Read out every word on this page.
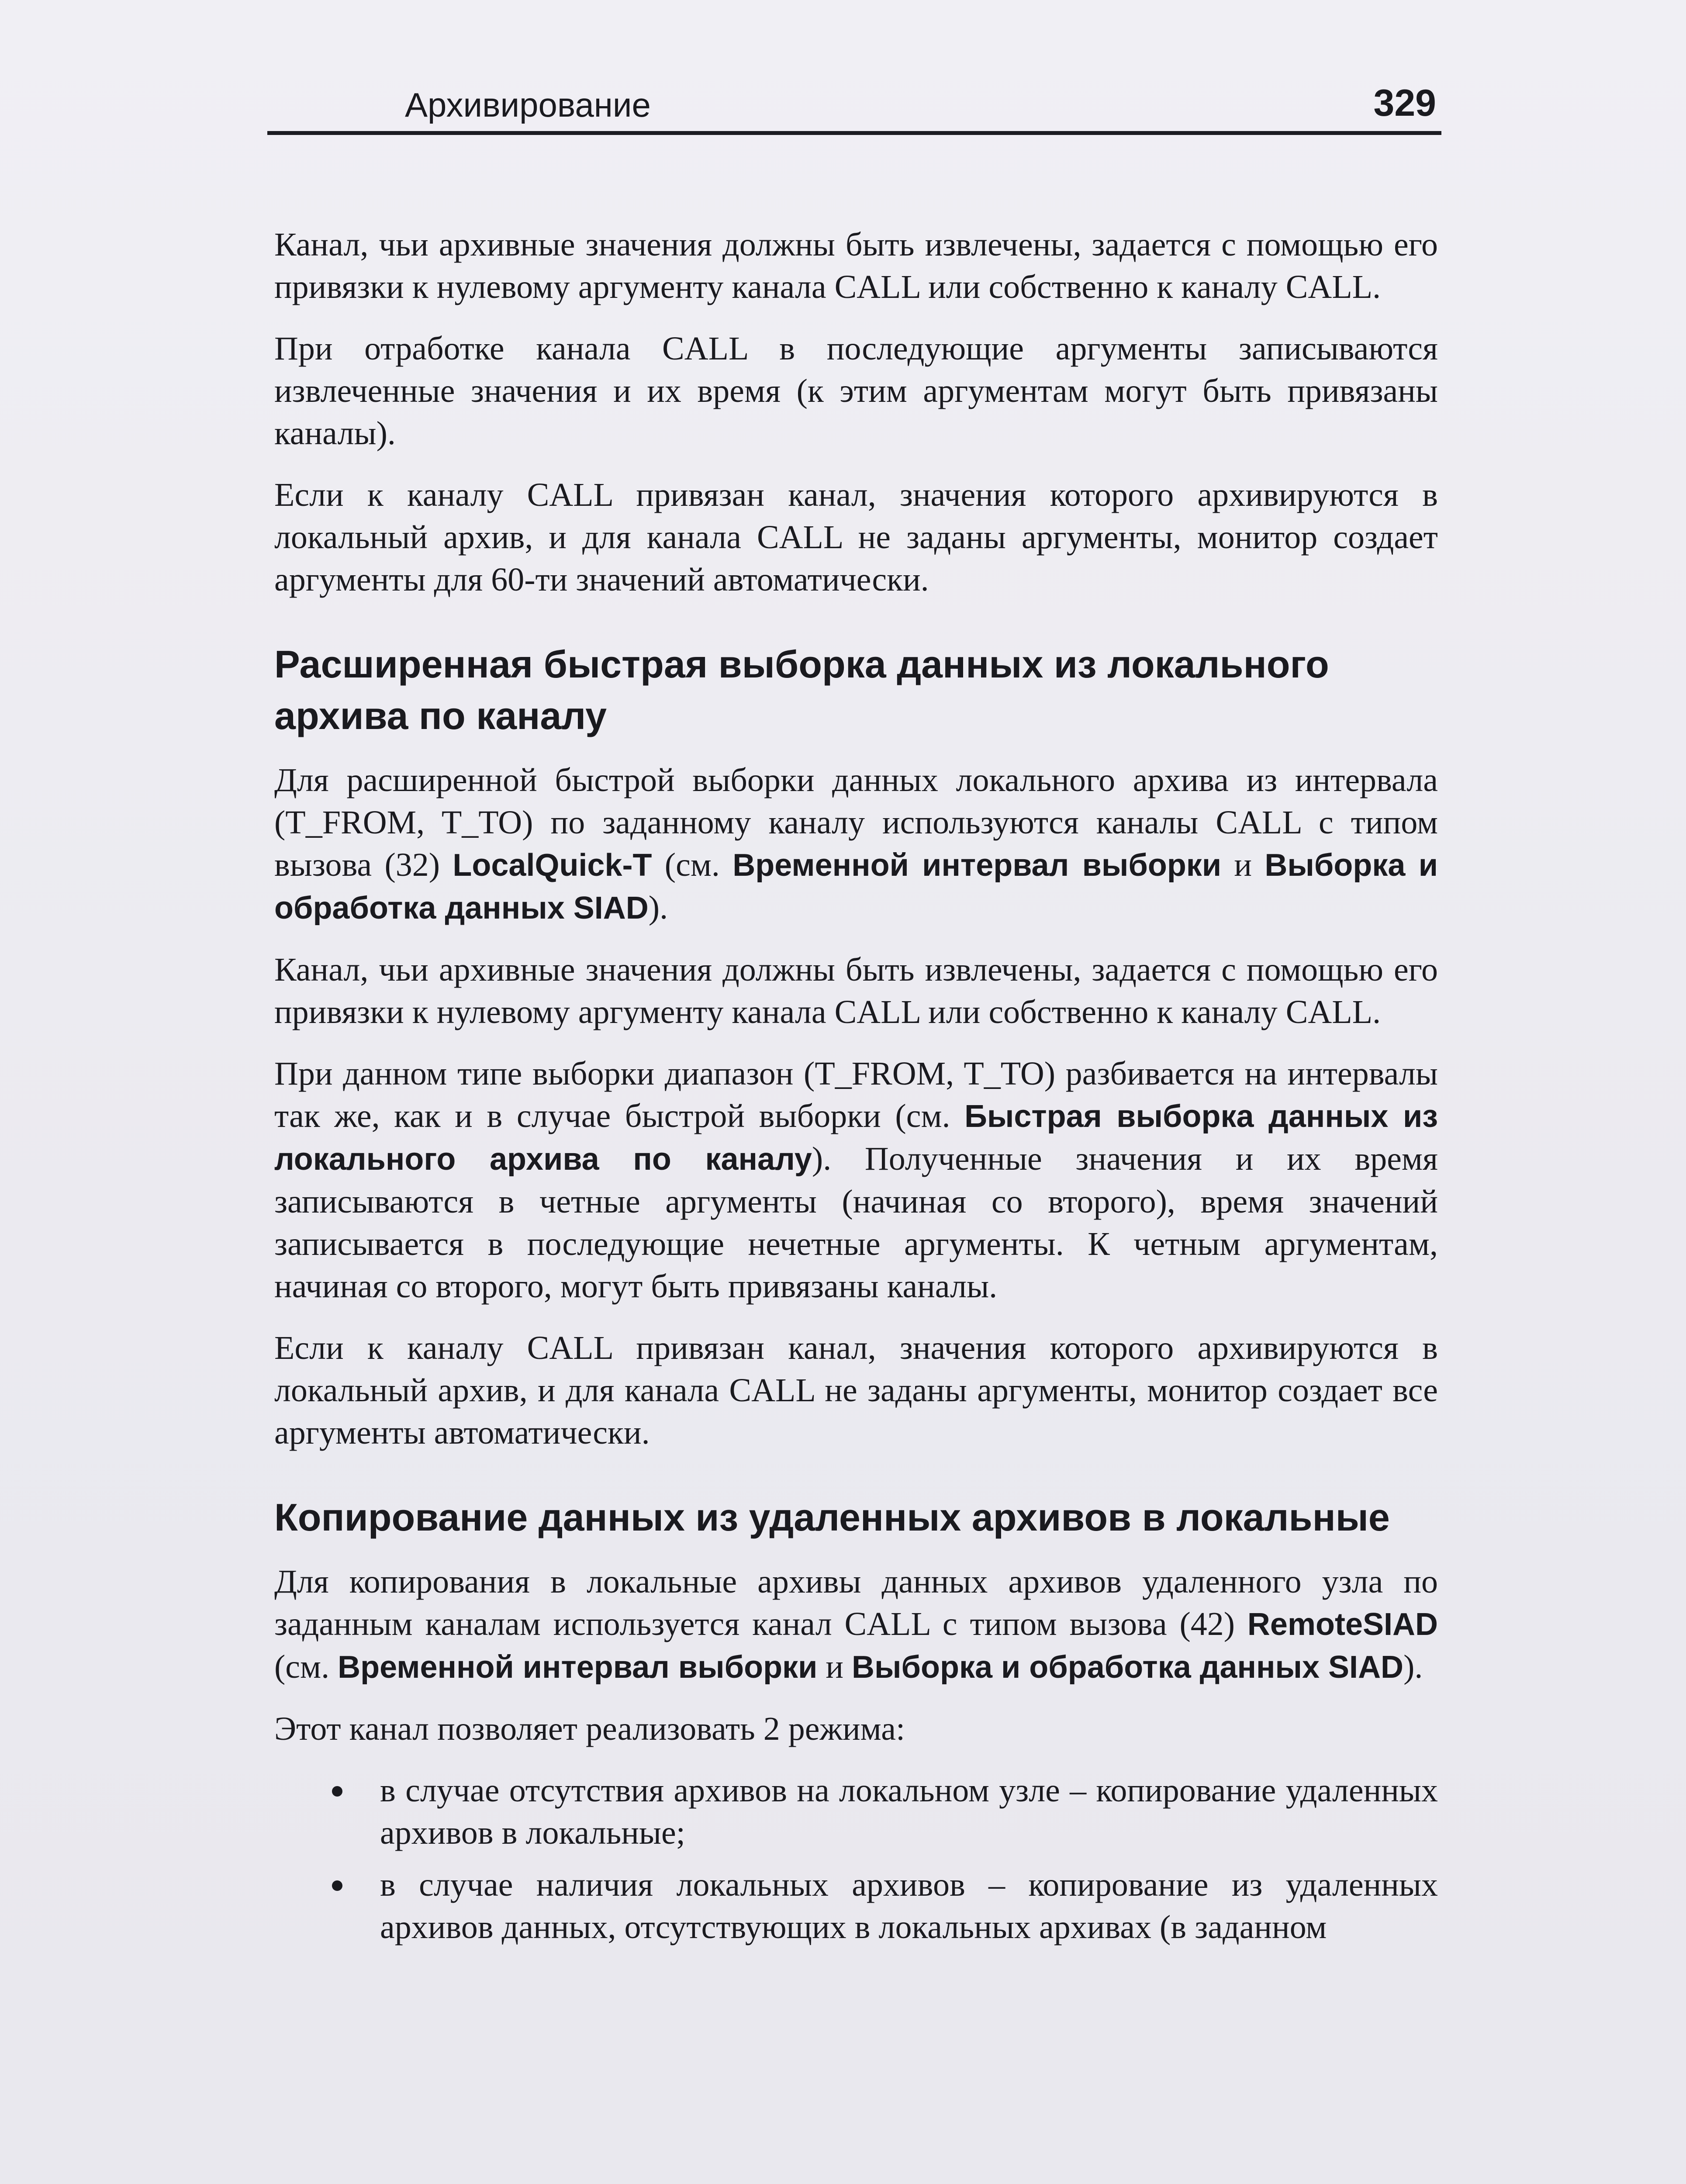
Архивирование	329

Канал, чьи архивные значения должны быть извлечены, задается с помощью его привязки к нулевому аргументу канала CALL или собственно к каналу CALL.

При отработке канала CALL в последующие аргументы записываются извлеченные значения и их время (к этим аргументам могут быть привязаны каналы).

Если к каналу CALL привязан канал, значения которого архивируются в локальный архив, и для канала CALL не заданы аргументы, монитор создает аргументы для 60-ти значений автоматически.

Расширенная быстрая выборка данных из локального архива по каналу

Для расширенной быстрой выборки данных локального архива из интервала (T_FROM, T_TO) по заданному каналу используются каналы CALL с типом вызова (32) LocalQuick-T (см. Временной интервал выборки и Выборка и обработка данных SIAD).

Канал, чьи архивные значения должны быть извлечены, задается с помощью его привязки к нулевому аргументу канала CALL или собственно к каналу CALL.

При данном типе выборки диапазон (T_FROM, T_TO) разбивается на интервалы так же, как и в случае быстрой выборки (см. Быстрая выборка данных из локального архива по каналу). Полученные значения и их время записываются в четные аргументы (начиная со второго), время значений записывается в последующие нечетные аргументы. К четным аргументам, начиная со второго, могут быть привязаны каналы.

Если к каналу CALL привязан канал, значения которого архивируются в локальный архив, и для канала CALL не заданы аргументы, монитор создает все аргументы автоматически.

Копирование данных из удаленных архивов в локальные

Для копирования в локальные архивы данных архивов удаленного узла по заданным каналам используется канал CALL с типом вызова (42) RemoteSIAD (см. Временной интервал выборки и Выборка и обработка данных SIAD).

Этот канал позволяет реализовать 2 режима:

в случае отсутствия архивов на локальном узле – копирование удаленных архивов в локальные;
в случае наличия локальных архивов – копирование из удаленных архивов данных, отсутствующих в локальных архивах (в заданном
